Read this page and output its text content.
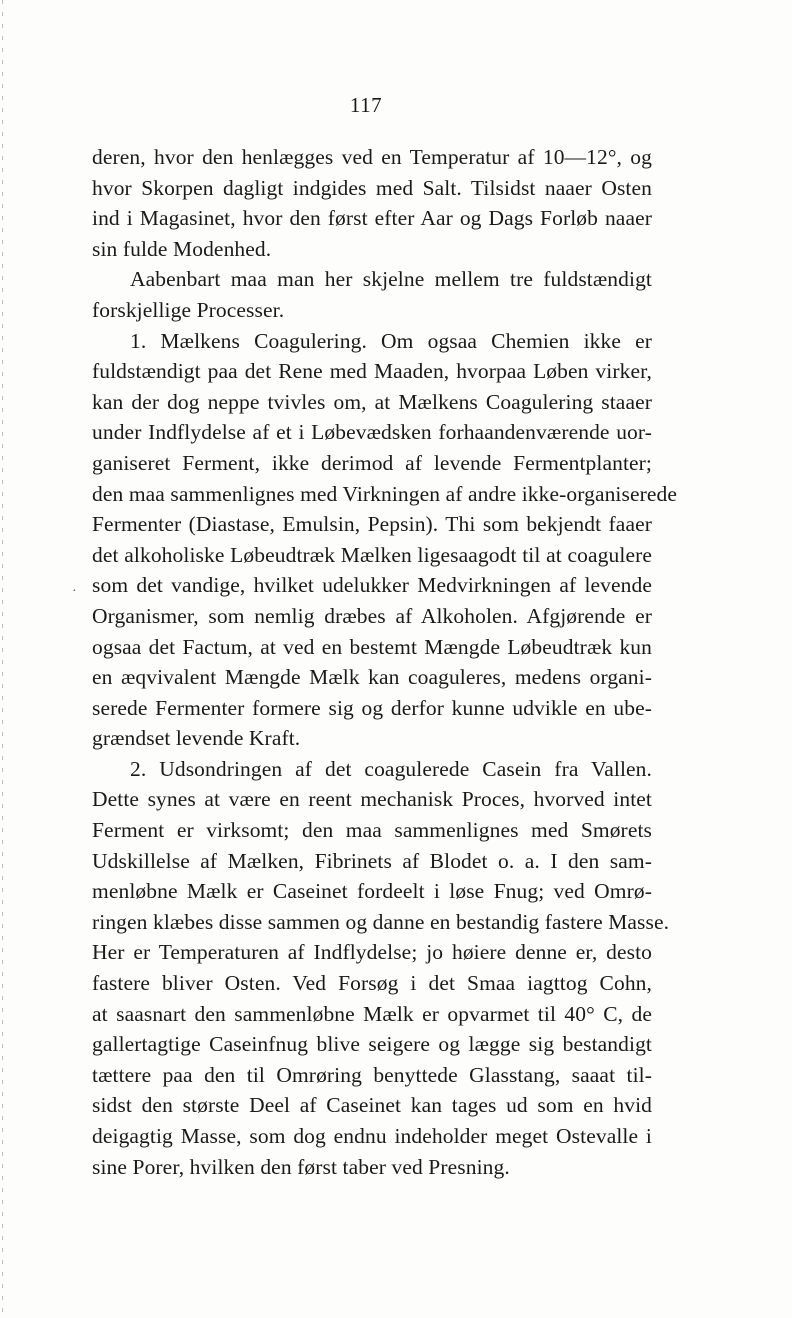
117
deren, hvor den henlægges ved en Temperatur af 10—12°, og
hvor Skorpen dagligt indgides med Salt. Tilsidst naaer Osten
ind i Magasinet, hvor den først efter Aar og Dags Forløb naaer
sin fulde Modenhed.
Aabenbart maa man her skjelne mellem tre fuldstændigt
forskjellige Processer.
1. Mælkens Coagulering. Om ogsaa Chemien ikke er
fuldstændigt paa det Rene med Maaden, hvorpaa Løben virker,
kan der dog neppe tvivles om, at Mælkens Coagulering staaer
under Indflydelse af et i Løbevædsken forhaandenværende uor-
ganiseret Ferment, ikke derimod af levende Fermentplanter;
den maa sammenlignes med Virkningen af andre ikke-organiserede
Fermenter (Diastase, Emulsin, Pepsin). Thi som bekjendt faaer
det alkoholiske Løbeudtræk Mælken ligesaagodt til at coagulere
som det vandige, hvilket udelukker Medvirkningen af levende
Organismer, som nemlig dræbes af Alkoholen. Afgjørende er
ogsaa det Factum, at ved en bestemt Mængde Løbeudtræk kun
en æqvivalent Mængde Mælk kan coaguleres, medens organi-
serede Fermenter formere sig og derfor kunne udvikle en ube-
grændset levende Kraft.
2. Udsondringen af det coagulerede Casein fra Vallen.
Dette synes at være en reent mechanisk Proces, hvorved intet
Ferment er virksomt; den maa sammenlignes med Smørets
Udskillelse af Mælken, Fibrinets af Blodet o. a. I den sam-
menløbne Mælk er Caseinet fordeelt i løse Fnug; ved Omrø-
ringen klæbes disse sammen og danne en bestandig fastere Masse.
Her er Temperaturen af Indflydelse; jo høiere denne er, desto
fastere bliver Osten. Ved Forsøg i det Smaa iagttog Cohn,
at saasnart den sammenløbne Mælk er opvarmet til 40° C, de
gallertagtige Caseinfnug blive seigere og lægge sig bestandigt
tættere paa den til Omrøring benyttede Glasstang, saaat til-
sidst den største Deel af Caseinet kan tages ud som en hvid
deigagtig Masse, som dog endnu indeholder meget Ostevalle i
sine Porer, hvilken den først taber ved Presning.
·
